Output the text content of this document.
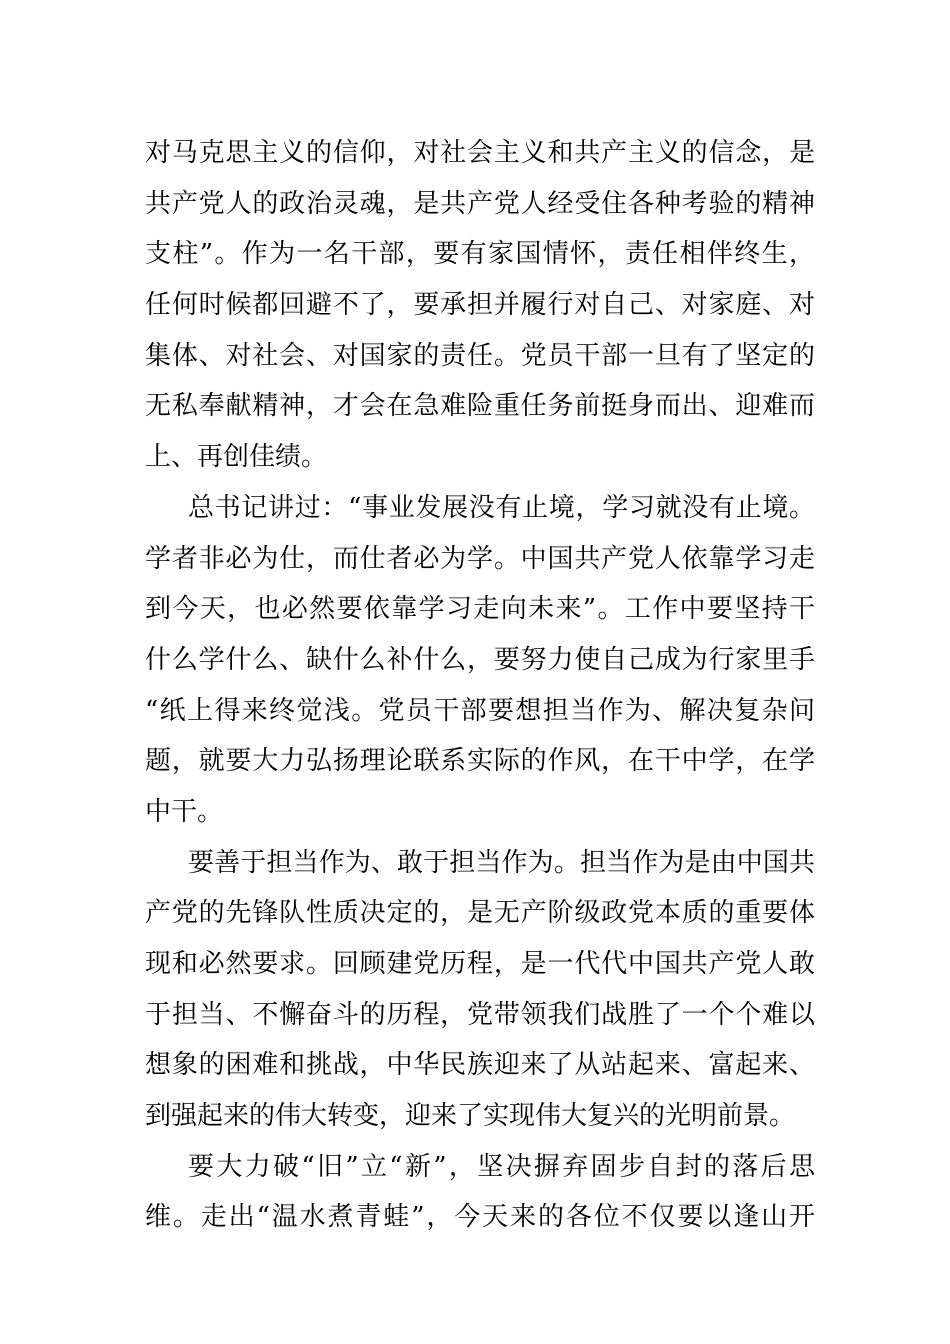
对马克思主义的信仰，对社会主义和共产主义的信念，是
共产党人的政治灵魂，是共产党人经受住各种考验的精神
支柱”。作为一名干部，要有家国情怀，责任相伴终生，
任何时候都回避不了，要承担并履行对自己、对家庭、对
集体、对社会、对国家的责任。党员干部一旦有了坚定的
无私奉献精神，才会在急难险重任务前挺身而出、迎难而
上、再创佳绩。
总书记讲过：“事业发展没有止境，学习就没有止境。
学者非必为仕，而仕者必为学。中国共产党人依靠学习走
到今天，也必然要依靠学习走向未来”。工作中要坚持干
什么学什么、缺什么补什么，要努力使自己成为行家里手
“纸上得来终觉浅。党员干部要想担当作为、解决复杂问
题，就要大力弘扬理论联系实际的作风，在干中学，在学
中干。
要善于担当作为、敢于担当作为。担当作为是由中国共
产党的先锋队性质决定的，是无产阶级政党本质的重要体
现和必然要求。回顾建党历程，是一代代中国共产党人敢
于担当、不懈奋斗的历程，党带领我们战胜了一个个难以
想象的困难和挑战，中华民族迎来了从站起来、富起来、
到强起来的伟大转变，迎来了实现伟大复兴的光明前景。
要大力破“旧”立“新”，坚决摒弃固步自封的落后思
维。走出“温水煮青蛙”，今天来的各位不仅要以逢山开
